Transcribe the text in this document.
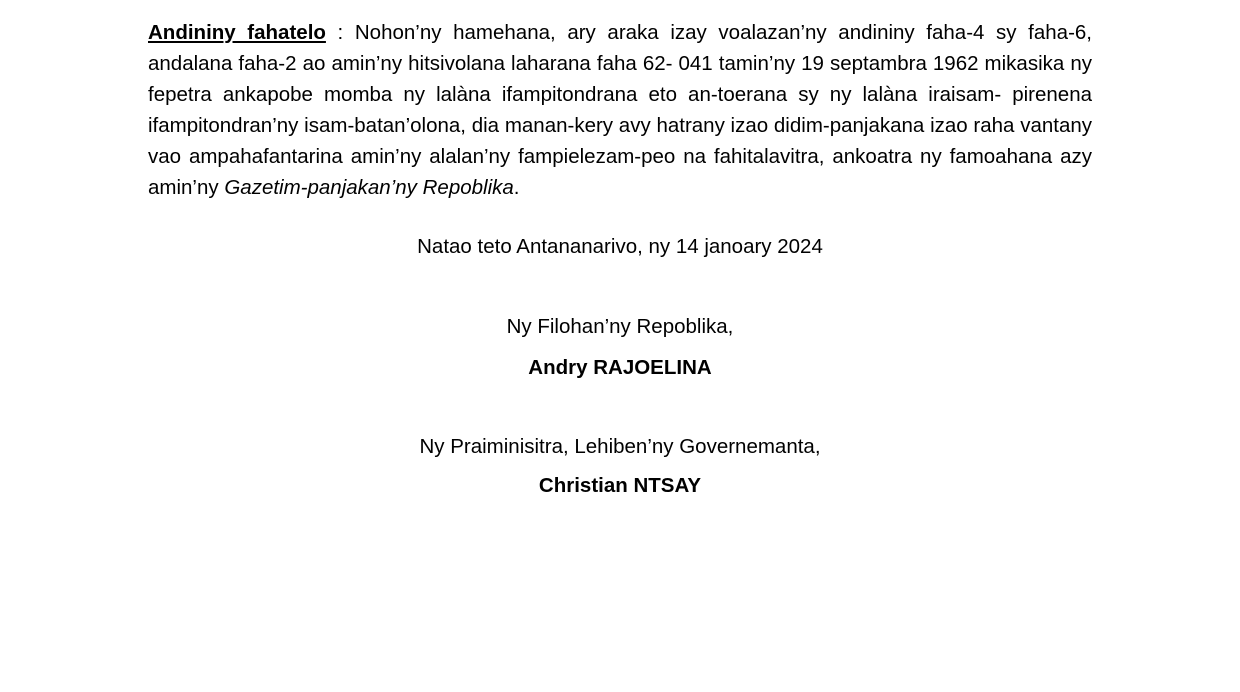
Andininy fahatelo : Nohon’ny hamehana, ary araka izay voalazan’ny andininy faha-4 sy faha-6, andalana faha-2 ao amin’ny hitsivolana laharana faha 62- 041 tamin’ny 19 septambra 1962 mikasika ny fepetra ankapobe momba ny lalàna ifampitondrana eto an-toerana sy ny lalàna iraisam- pirenena ifampitondran’ny isam-batan’olona, dia manan-kery avy hatrany izao didim-panjakana izao raha vantany vao ampahafantarina amin’ny alalan’ny fampielezam-peo na fahitalavitra, ankoatra ny famoahana azy amin’ny Gazetim-panjakan’ny Repoblika.

Natao teto Antananarivo, ny 14 janoary 2024

Ny Filohan’ny Repoblika,

Andry RAJOELINA

Ny Praiminisitra, Lehiben’ny Governemanta,

Christian NTSAY
